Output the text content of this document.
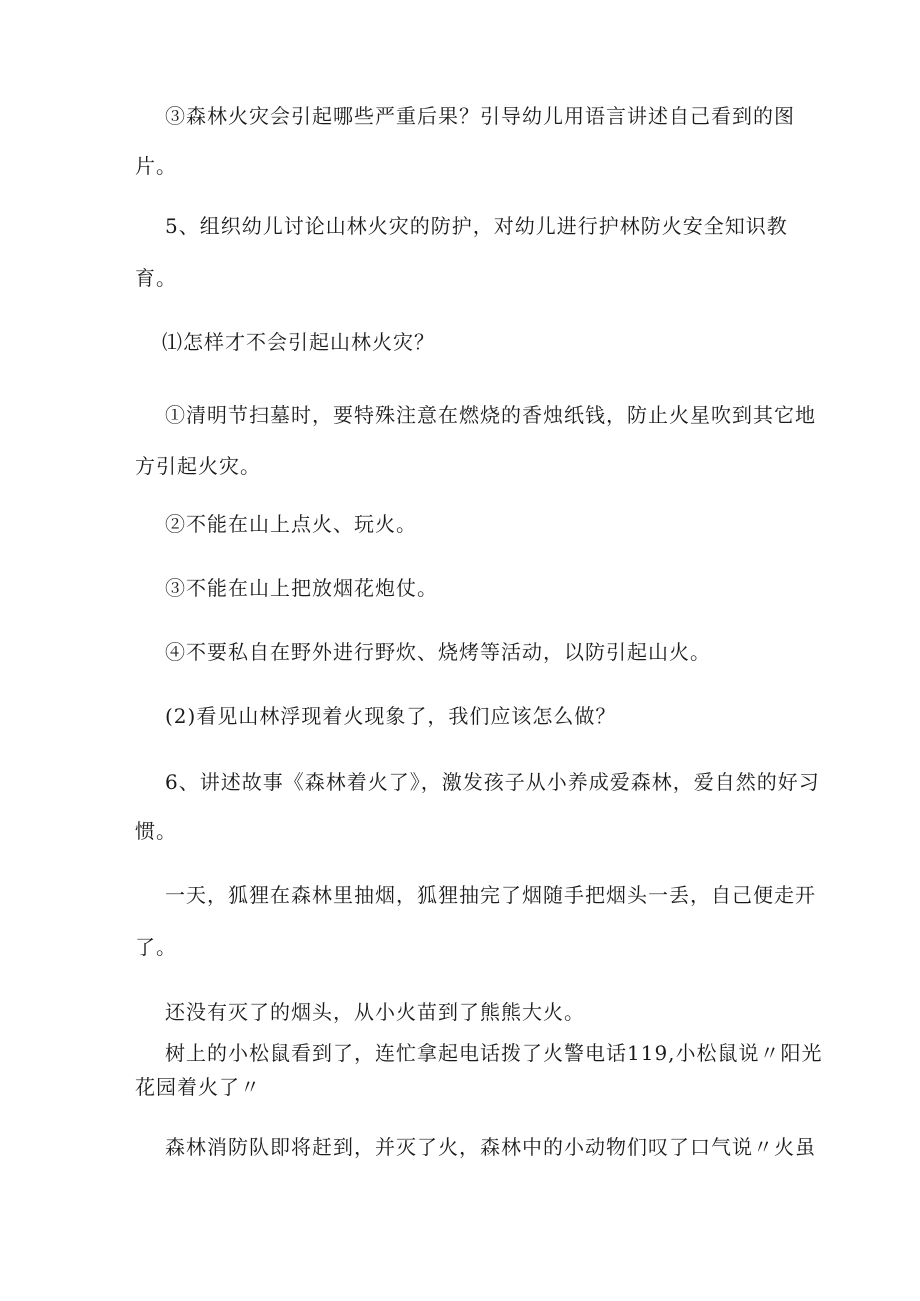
③森林火灾会引起哪些严重后果？引导幼儿用语言讲述自己看到的图
片。
5、组织幼儿讨论山林火灾的防护，对幼儿进行护林防火安全知识教
育。
⑴怎样才不会引起山林火灾？
①清明节扫墓时，要特殊注意在燃烧的香烛纸钱，防止火星吹到其它地
方引起火灾。
②不能在山上点火、玩火。
③不能在山上把放烟花炮仗。
④不要私自在野外进行野炊、烧烤等活动，以防引起山火。
(2)看见山林浮现着火现象了，我们应该怎么做？
6、讲述故事《森林着火了》，激发孩子从小养成爱森林，爱自然的好习
惯。
一天，狐狸在森林里抽烟，狐狸抽完了烟随手把烟头一丢，自己便走开
了。
还没有灭了的烟头，从小火苗到了熊熊大火。
树上的小松鼠看到了，连忙拿起电话拨了火警电话119,小松鼠说〃阳光
花园着火了〃
森林消防队即将赶到，并灭了火，森林中的小动物们叹了口气说〃火虽
